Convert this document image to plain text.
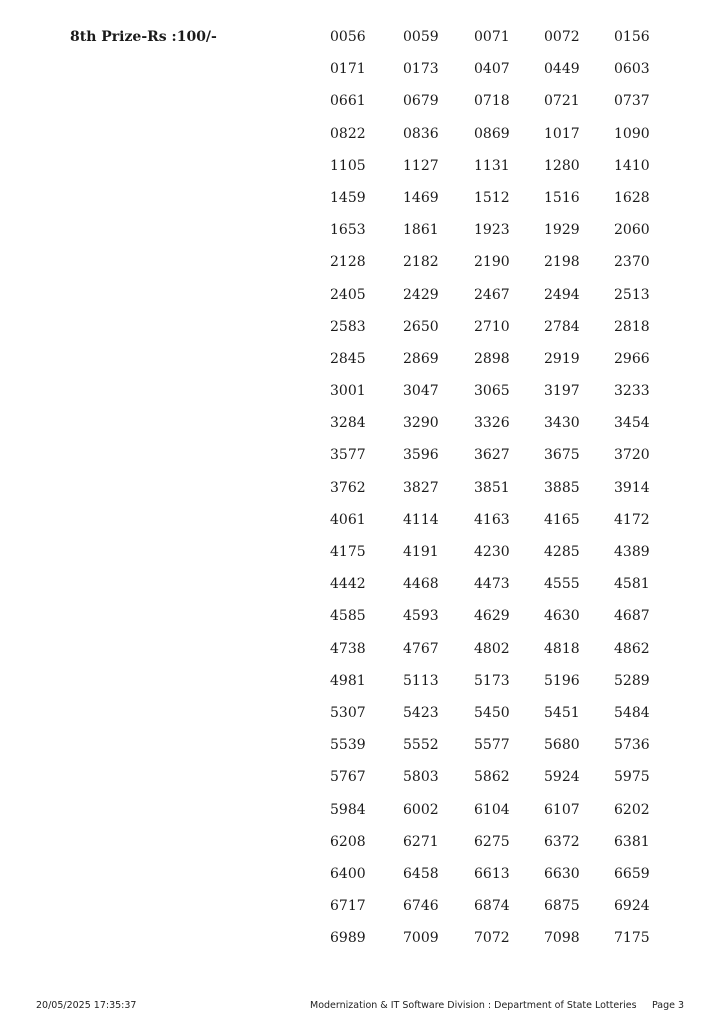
8th Prize-Rs :100/-	0056	0059	0071	0072	0156
0171	0173	0407	0449	0603
0661	0679	0718	0721	0737
0822	0836	0869	1017	1090
1105	1127	1131	1280	1410
1459	1469	1512	1516	1628
1653	1861	1923	1929	2060
2128	2182	2190	2198	2370
2405	2429	2467	2494	2513
2583	2650	2710	2784	2818
2845	2869	2898	2919	2966
3001	3047	3065	3197	3233
3284	3290	3326	3430	3454
3577	3596	3627	3675	3720
3762	3827	3851	3885	3914
4061	4114	4163	4165	4172
4175	4191	4230	4285	4389
4442	4468	4473	4555	4581
4585	4593	4629	4630	4687
4738	4767	4802	4818	4862
4981	5113	5173	5196	5289
5307	5423	5450	5451	5484
5539	5552	5577	5680	5736
5767	5803	5862	5924	5975
5984	6002	6104	6107	6202
6208	6271	6275	6372	6381
6400	6458	6613	6630	6659
6717	6746	6874	6875	6924
6989	7009	7072	7098	7175
20/05/2025 17:35:37	Modernization & IT Software Division : Department of State Lotteries Page 3
